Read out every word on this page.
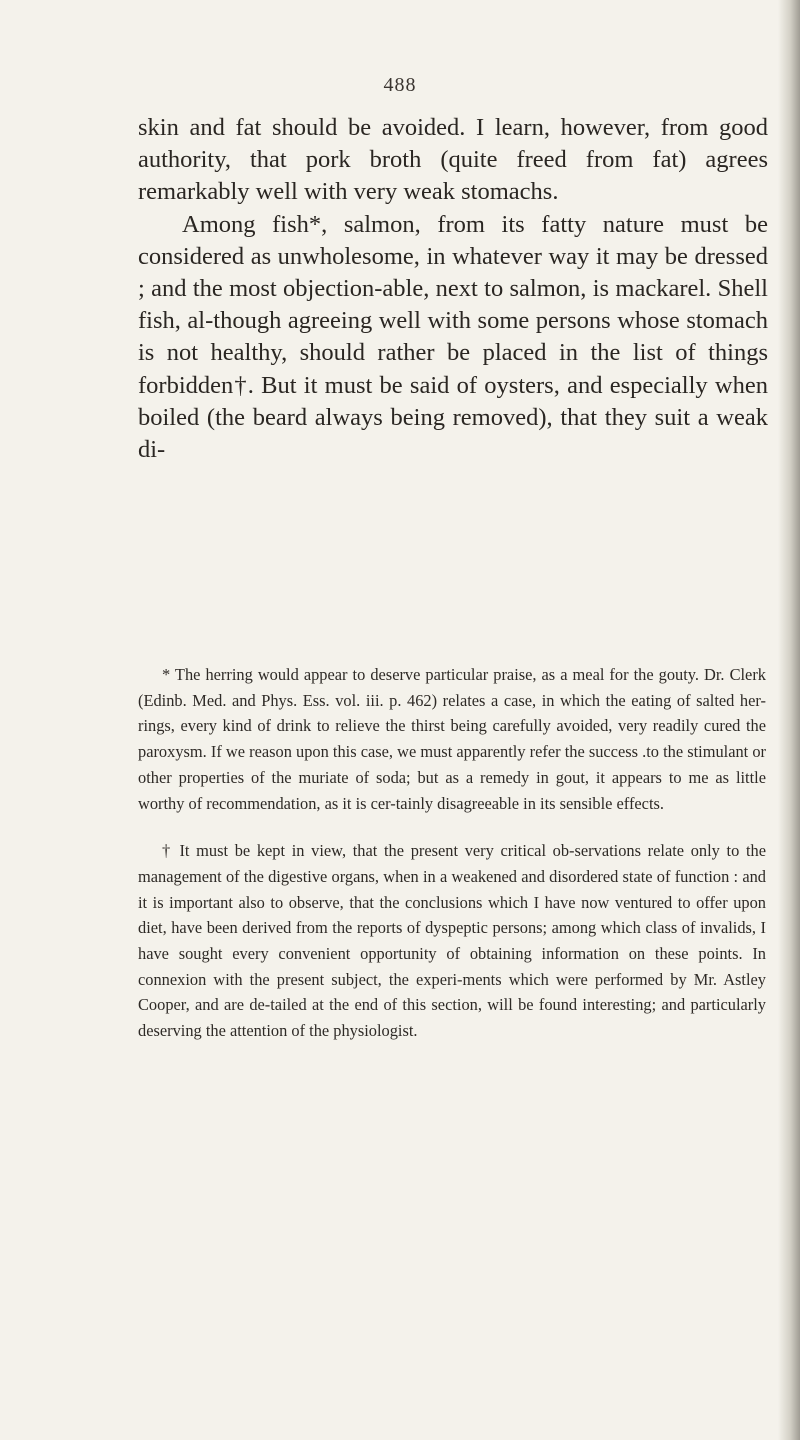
488

skin and fat should be avoided. I learn, however, from good authority, that pork broth (quite freed from fat) agrees remarkably well with very weak stomachs.

Among fish*, salmon, from its fatty nature must be considered as unwholesome, in whatever way it may be dressed ; and the most objection-able, next to salmon, is mackarel. Shell fish, al-though agreeing well with some persons whose stomach is not healthy, should rather be placed in the list of things forbidden†. But it must be said of oysters, and especially when boiled (the beard always being removed), that they suit a weak di-

* The herring would appear to deserve particular praise, as a meal for the gouty. Dr. Clerk (Edinb. Med. and Phys. Ess. vol. iii. p. 462) relates a case, in which the eating of salted her-rings, every kind of drink to relieve the thirst being carefully avoided, very readily cured the paroxysm. If we reason upon this case, we must apparently refer the success .to the stimulant or other properties of the muriate of soda; but as a remedy in gout, it appears to me as little worthy of recommendation, as it is cer-tainly disagreeable in its sensible effects.

† It must be kept in view, that the present very critical ob-servations relate only to the management of the digestive organs, when in a weakened and disordered state of function : and it is important also to observe, that the conclusions which I have now ventured to offer upon diet, have been derived from the reports of dyspeptic persons; among which class of invalids, I have sought every convenient opportunity of obtaining information on these points. In connexion with the present subject, the experi-ments which were performed by Mr. Astley Cooper, and are de-tailed at the end of this section, will be found interesting; and particularly deserving the attention of the physiologist.
